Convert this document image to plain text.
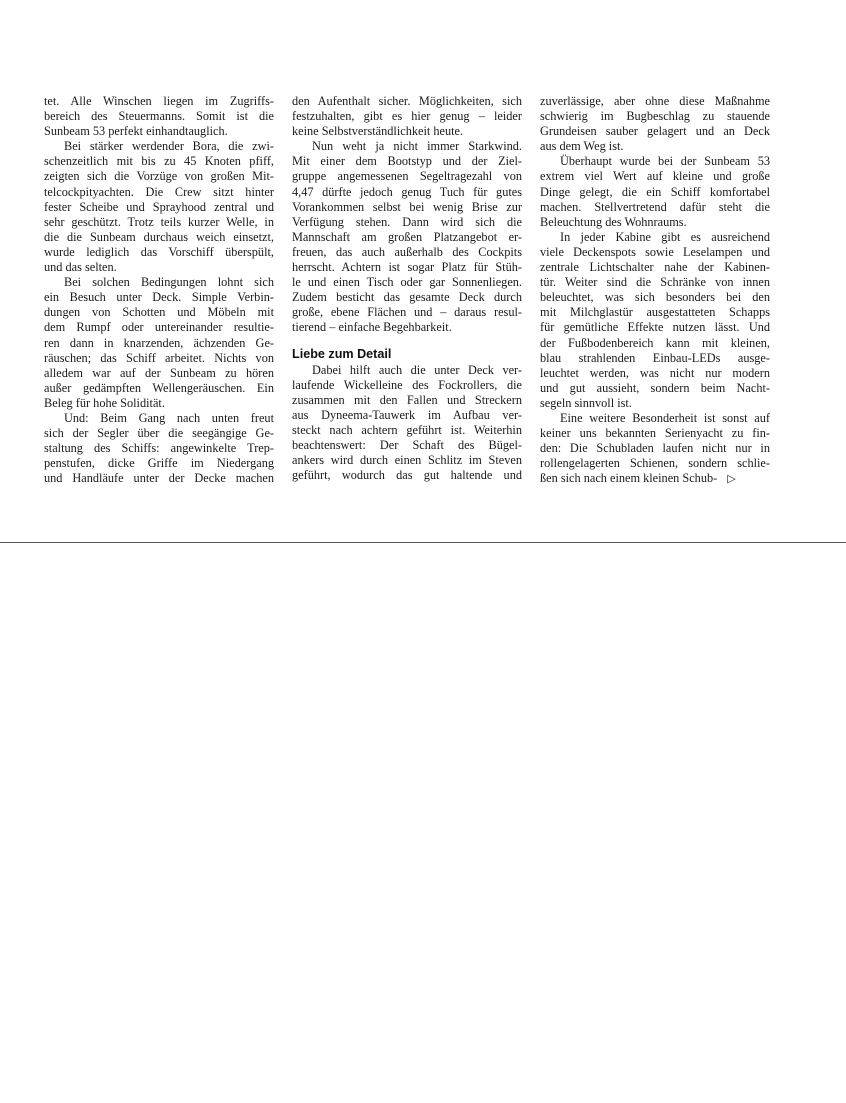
tet. Alle Winschen liegen im Zugriffs-
bereich des Steuermanns. Somit ist die
Sunbeam 53 perfekt einhandtauglich.
Bei stärker werdender Bora, die zwi-
schenzeitlich mit bis zu 45 Knoten pfiff,
zeigten sich die Vorzüge von großen Mit-
telcockpityachten. Die Crew sitzt hinter
fester Scheibe und Sprayhood zentral und
sehr geschützt. Trotz teils kurzer Welle, in
die die Sunbeam durchaus weich einsetzt,
wurde lediglich das Vorschiff überspült,
und das selten.
Bei solchen Bedingungen lohnt sich
ein Besuch unter Deck. Simple Verbin-
dungen von Schotten und Möbeln mit
dem Rumpf oder untereinander resultie-
ren dann in knarzenden, ächzenden Ge-
räuschen; das Schiff arbeitet. Nichts von
alledem war auf der Sunbeam zu hören
außer gedämpften Wellengeräuschen. Ein
Beleg für hohe Solidität.
Und: Beim Gang nach unten freut
sich der Segler über die seegängige Ge-
staltung des Schiffs: angewinkelte Trep-
penstufen, dicke Griffe im Niedergang
und Handläufe unter der Decke machen
den Aufenthalt sicher. Möglichkeiten, sich
festzuhalten, gibt es hier genug – leider
keine Selbstverständlichkeit heute.
Nun weht ja nicht immer Starkwind.
Mit einer dem Bootstyp und der Ziel-
gruppe angemessenen Segeltragezahl von
4,47 dürfte jedoch genug Tuch für gutes
Vorankommen selbst bei wenig Brise zur
Verfügung stehen. Dann wird sich die
Mannschaft am großen Platzangebot er-
freuen, das auch außerhalb des Cockpits
herrscht. Achtern ist sogar Platz für Stüh-
le und einen Tisch oder gar Sonnenliegen.
Zudem besticht das gesamte Deck durch
große, ebene Flächen und – daraus resul-
tierend – einfache Begehbarkeit.
Liebe zum Detail
Dabei hilft auch die unter Deck ver-
laufende Wickelleine des Fockrollers, die
zusammen mit den Fallen und Streckern
aus Dyneema-Tauwerk im Aufbau ver-
steckt nach achtern geführt ist. Weiterhin
beachtenswert: Der Schaft des Bügel-
ankers wird durch einen Schlitz im Steven
geführt, wodurch das gut haltende und
zuverlässige, aber ohne diese Maßnahme
schwierig im Bugbeschlag zu stauende
Grundeisen sauber gelagert und an Deck
aus dem Weg ist.
Überhaupt wurde bei der Sunbeam 53
extrem viel Wert auf kleine und große
Dinge gelegt, die ein Schiff komfortabel
machen. Stellvertretend dafür steht die
Beleuchtung des Wohnraums.
In jeder Kabine gibt es ausreichend
viele Deckenspots sowie Leselampen und
zentrale Lichtschalter nahe der Kabinen-
tür. Weiter sind die Schränke von innen
beleuchtet, was sich besonders bei den
mit Milchglastür ausgestatteten Schapps
für gemütliche Effekte nutzen lässt. Und
der Fußbodenbereich kann mit kleinen,
blau strahlenden Einbau-LEDs ausge-
leuchtet werden, was nicht nur modern
und gut aussieht, sondern beim Nacht-
segeln sinnvoll ist.
Eine weitere Besonderheit ist sonst auf
keiner uns bekannten Serienyacht zu fin-
den: Die Schubladen laufen nicht nur in
rollengelagerten Schienen, sondern schlie-
ßen sich nach einem kleinen Schub- ▷
